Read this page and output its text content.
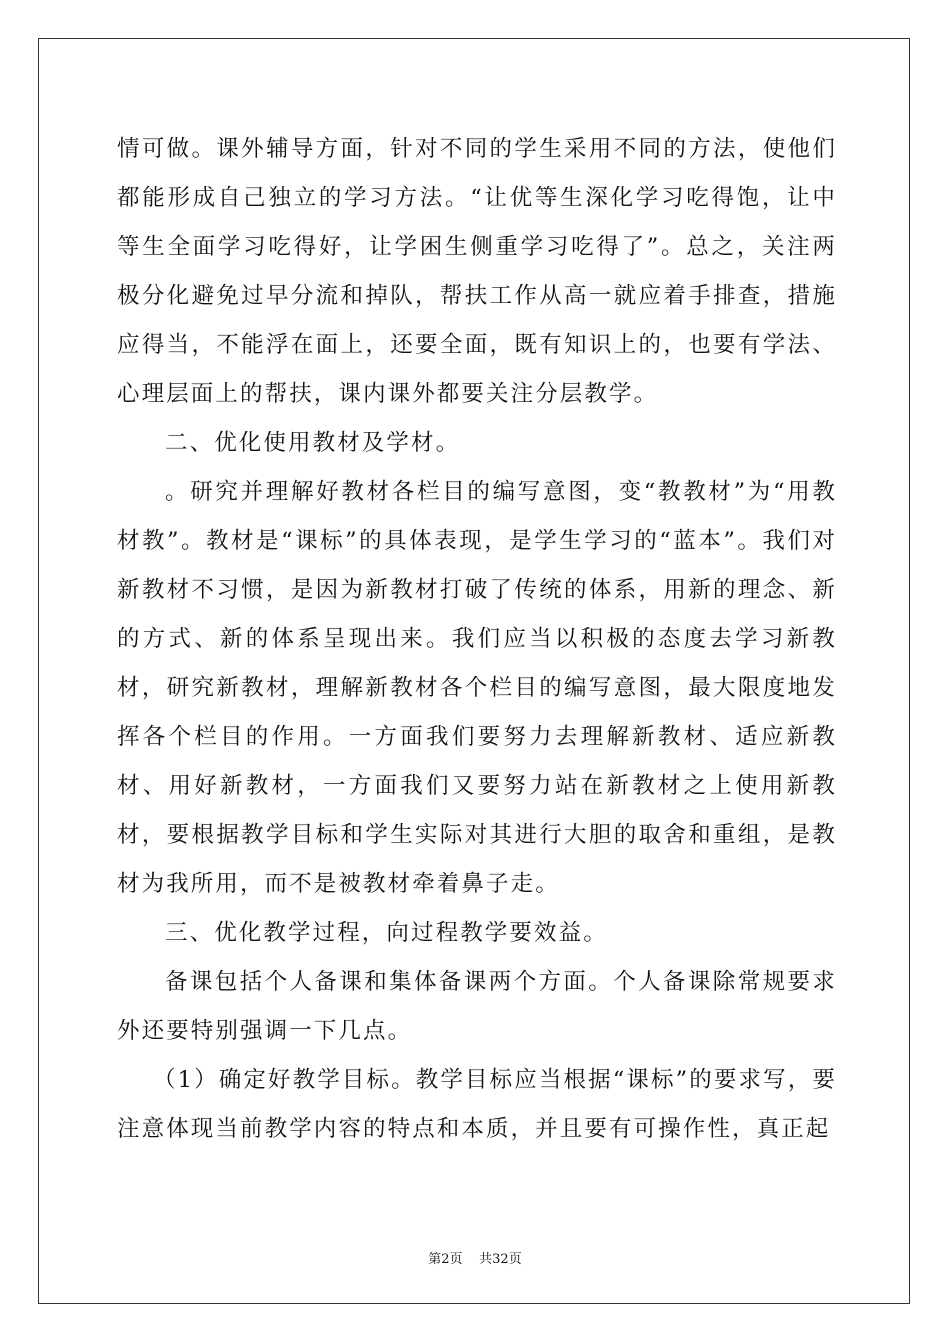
情可做。课外辅导方面，针对不同的学生采用不同的方法，使他们都能形成自己独立的学习方法。“让优等生深化学习吃得饱，让中等生全面学习吃得好，让学困生侧重学习吃得了”。总之，关注两极分化避免过早分流和掉队，帮扶工作从高一就应着手排查，措施应得当，不能浮在面上，还要全面，既有知识上的，也要有学法、心理层面上的帮扶，课内课外都要关注分层教学。

二、优化使用教材及学材。

。研究并理解好教材各栏目的编写意图，变“教教材”为“用教材教”。教材是“课标”的具体表现，是学生学习的“蓝本”。我们对新教材不习惯，是因为新教材打破了传统的体系，用新的理念、新的方式、新的体系呈现出来。我们应当以积极的态度去学习新教材，研究新教材，理解新教材各个栏目的编写意图，最大限度地发挥各个栏目的作用。一方面我们要努力去理解新教材、适应新教材、用好新教材，一方面我们又要努力站在新教材之上使用新教材，要根据教学目标和学生实际对其进行大胆的取舍和重组，是教材为我所用，而不是被教材牵着鼻子走。

三、优化教学过程，向过程教学要效益。

备课包括个人备课和集体备课两个方面。个人备课除常规要求外还要特别强调一下几点。

（1）确定好教学目标。教学目标应当根据“课标”的要求写，要注意体现当前教学内容的特点和本质，并且要有可操作性，真正起

第2页 共32页
